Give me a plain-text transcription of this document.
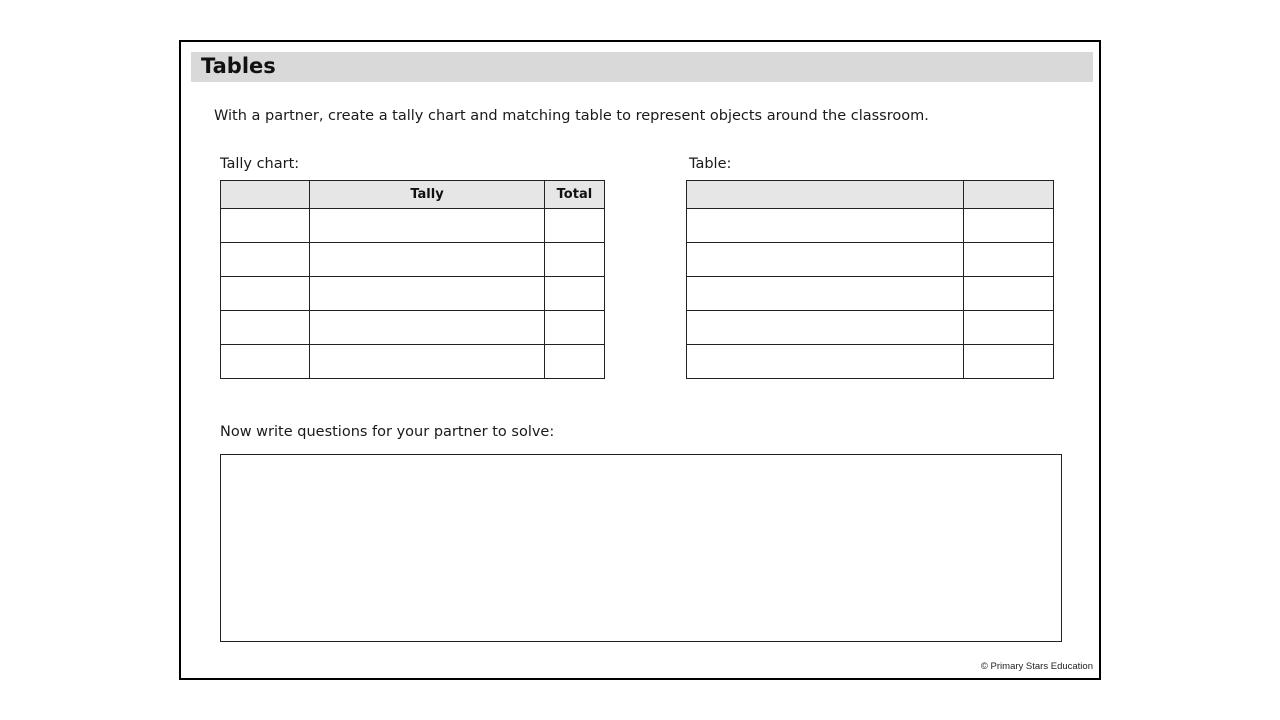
Tables
With a partner, create a tally chart and matching table to represent objects around the classroom.
Tally chart:
	Tally	Total

Table:

Now write questions for your partner to solve:
© Primary Stars Education
